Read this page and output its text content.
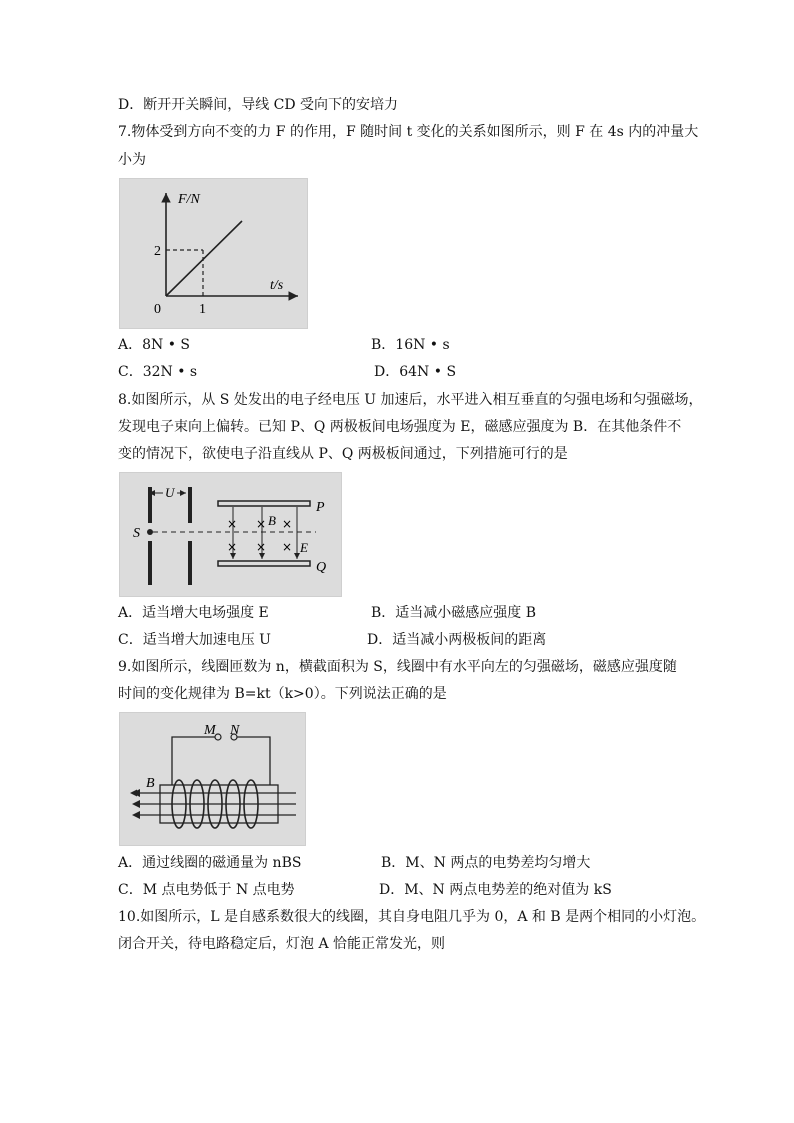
D．断开开关瞬间，导线 CD 受向下的安培力
7.物体受到方向不变的力 F 的作用，F 随时间 t 变化的关系如图所示，则 F 在 4s 内的冲量大
小为
F/N
t/s
0
2
1
A．8N • S	B．16N • s
C．32N • s	D．64N • S
8.如图所示，从 S 处发出的电子经电压 U 加速后，水平进入相互垂直的匀强电场和匀强磁场，
发现电子束向上偏转。已知 P、Q 两极板间电场强度为 E，磁感应强度为 B．在其他条件不
变的情况下，欲使电子沿直线从 P、Q 两极板间通过，下列措施可行的是
U
S
P
Q
× × ×
× × ×
B
E
A．适当增大电场强度 E	B．适当减小磁感应强度 B
C．适当增大加速电压 U	D．适当减小两极板间的距离
9.如图所示，线圈匝数为 n，横截面积为 S，线圈中有水平向左的匀强磁场，磁感应强度随
时间的变化规律为 B=kt（k>0）。下列说法正确的是
M N
B
A．通过线圈的磁通量为 nBS	B．M、N 两点的电势差均匀增大
C．M 点电势低于 N 点电势	D．M、N 两点电势差的绝对值为 kS
10.如图所示，L 是自感系数很大的线圈，其自身电阻几乎为 0，A 和 B 是两个相同的小灯泡。
闭合开关，待电路稳定后，灯泡 A 恰能正常发光，则
